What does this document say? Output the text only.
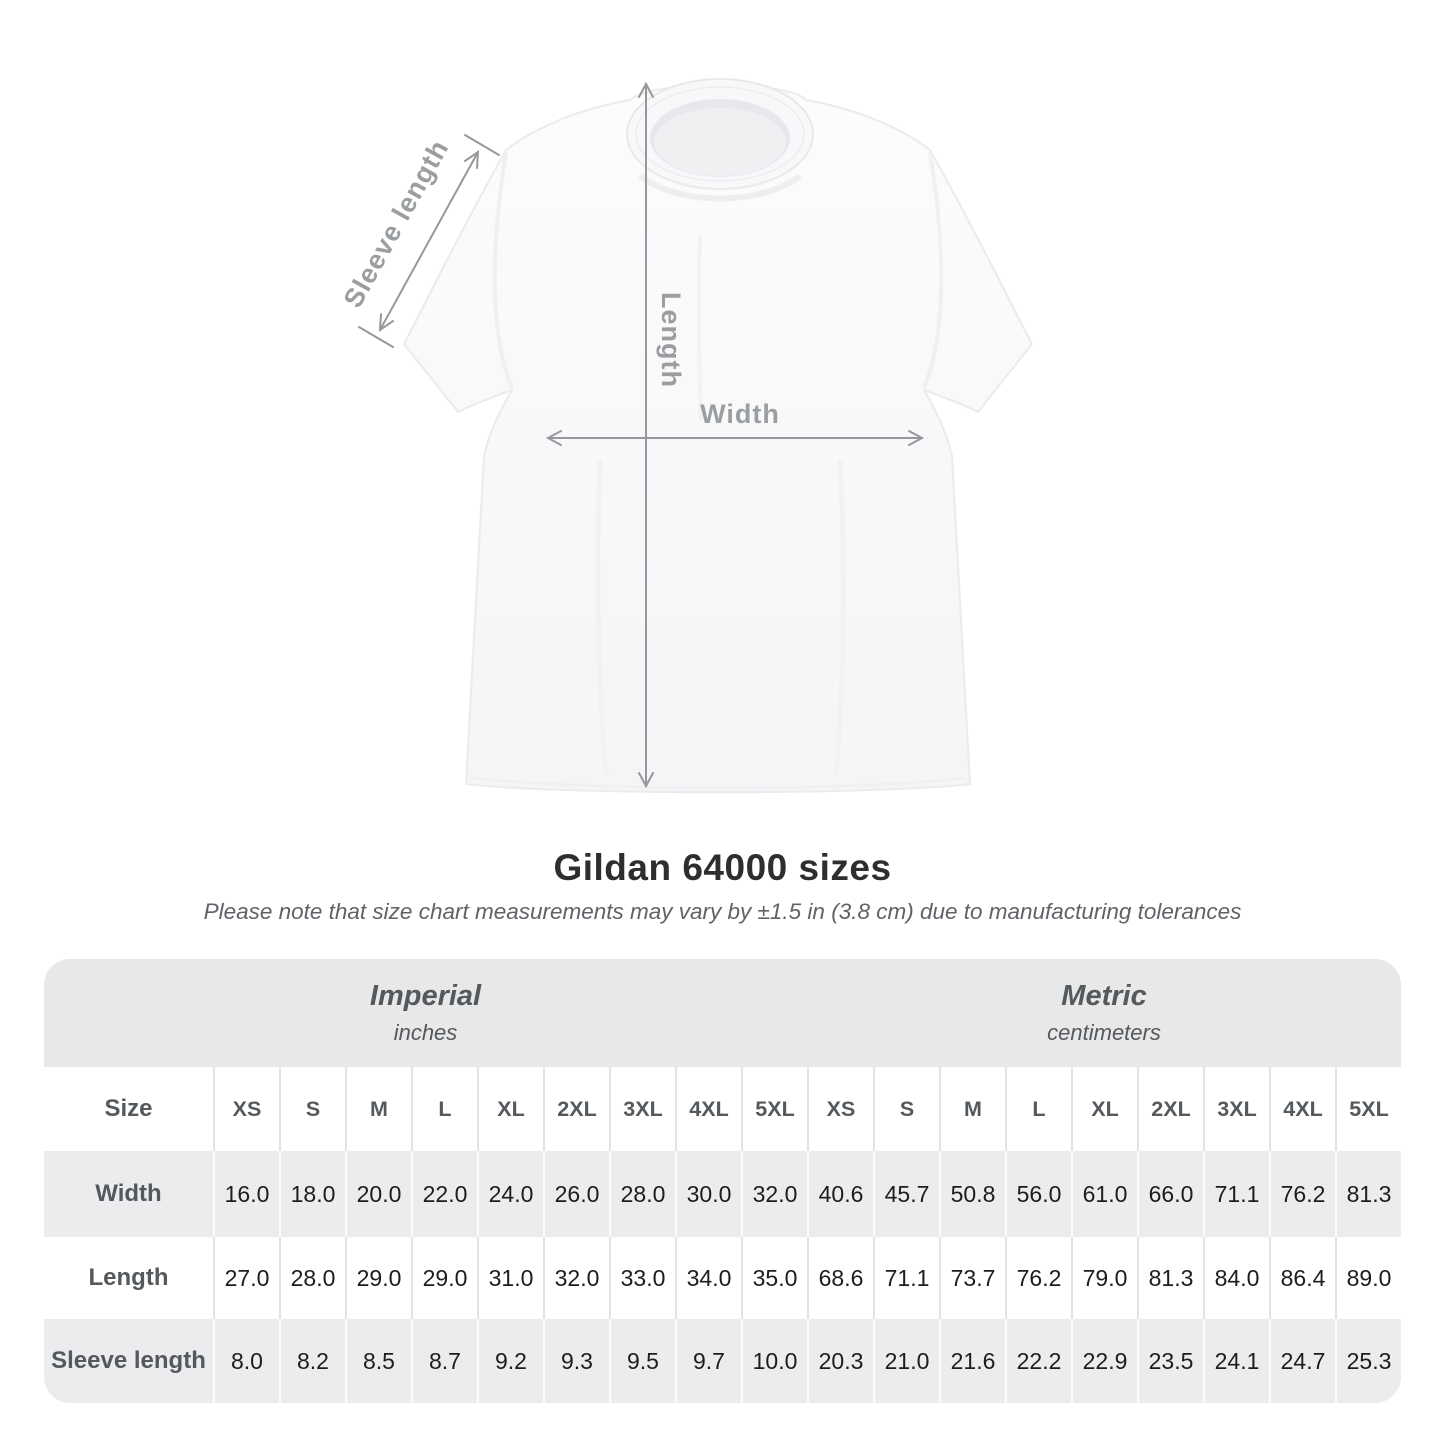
Sleeve length
Length
Width
Gildan 64000 sizes

Please note that size chart measurements may vary by ±1.5 in (3.8 cm) due to manufacturing tolerances

Imperial
inches
Metric
centimeters
Size	XS	S	M	L	XL	2XL	3XL	4XL	5XL	XS	S	M	L	XL	2XL	3XL	4XL	5XL
Width	16.0 18.0 20.0 22.0 24.0 26.0 28.0 30.0 32.0 40.6 45.7 50.8 56.0 61.0 66.0 71.1 76.2 81.3
Length	27.0 28.0 29.0 29.0 31.0 32.0 33.0 34.0 35.0 68.6 71.1 73.7 76.2 79.0 81.3 84.0 86.4 89.0
Sleeve length	8.0	8.2	8.5	8.7	9.2	9.3	9.5	9.7	10.0 20.3 21.0 21.6 22.2 22.9 23.5 24.1 24.7 25.3
